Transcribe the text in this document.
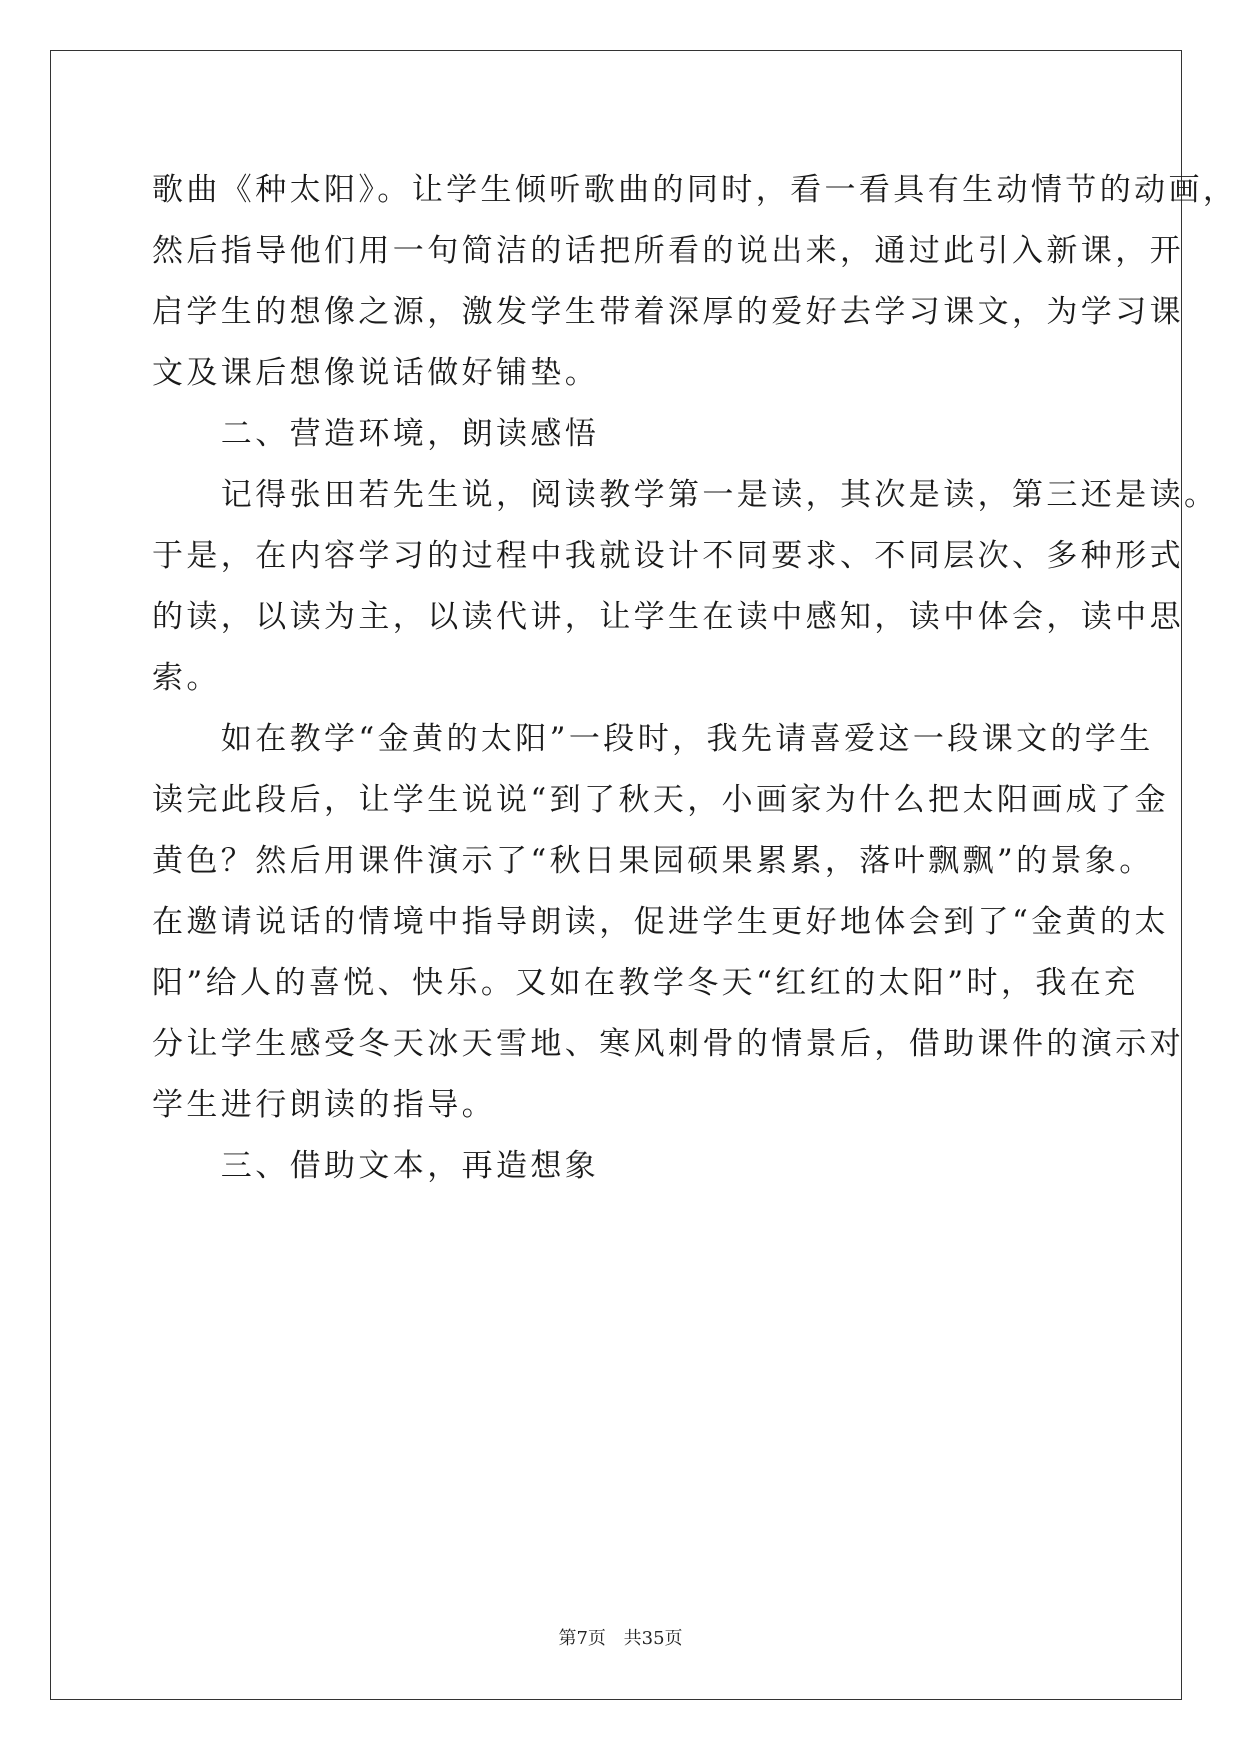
歌曲《种太阳》。让学生倾听歌曲的同时，看一看具有生动情节的动画，
然后指导他们用一句简洁的话把所看的说出来，通过此引入新课，开
启学生的想像之源，激发学生带着深厚的爱好去学习课文，为学习课
文及课后想像说话做好铺垫。
　　二、营造环境，朗读感悟
　　记得张田若先生说，阅读教学第一是读，其次是读，第三还是读。
于是，在内容学习的过程中我就设计不同要求、不同层次、多种形式
的读，以读为主，以读代讲，让学生在读中感知，读中体会，读中思
索。
　　如在教学“金黄的太阳”一段时，我先请喜爱这一段课文的学生
读完此段后，让学生说说“到了秋天，小画家为什么把太阳画成了金
黄色？然后用课件演示了“秋日果园硕果累累，落叶飘飘”的景象。
在邀请说话的情境中指导朗读，促进学生更好地体会到了“金黄的太
阳”给人的喜悦、快乐。又如在教学冬天“红红的太阳”时，我在充
分让学生感受冬天冰天雪地、寒风刺骨的情景后，借助课件的演示对
学生进行朗读的指导。
　　三、借助文本，再造想象
第7页 共35页
